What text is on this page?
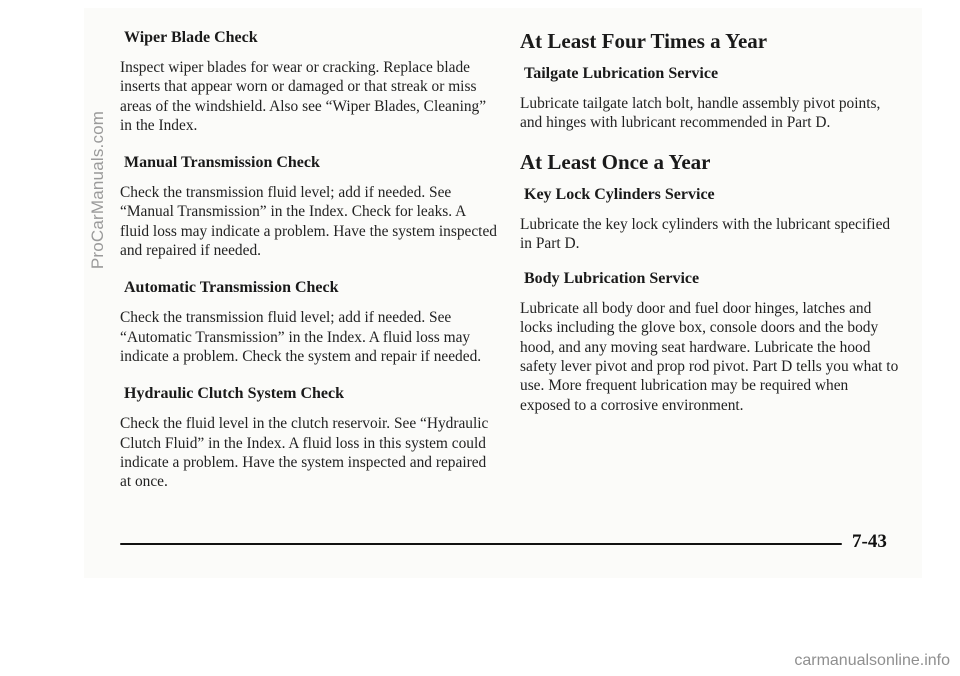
Wiper Blade Check

Inspect wiper blades for wear or cracking. Replace blade inserts that appear worn or damaged or that streak or miss areas of the windshield. Also see “Wiper Blades, Cleaning” in the Index.

Manual Transmission Check

Check the transmission fluid level; add if needed. See “Manual Transmission” in the Index. Check for leaks. A fluid loss may indicate a problem. Have the system inspected and repaired if needed.

Automatic Transmission Check

Check the transmission fluid level; add if needed. See “Automatic Transmission” in the Index. A fluid loss may indicate a problem. Check the system and repair if needed.

Hydraulic Clutch System Check

Check the fluid level in the clutch reservoir. See “Hydraulic Clutch Fluid” in the Index. A fluid loss in this system could indicate a problem. Have the system inspected and repaired at once.

At Least Four Times a Year
Tailgate Lubrication Service

Lubricate tailgate latch bolt, handle assembly pivot points, and hinges with lubricant recommended in Part D.

At Least Once a Year
Key Lock Cylinders Service

Lubricate the key lock cylinders with the lubricant specified in Part D.

Body Lubrication Service

Lubricate all body door and fuel door hinges, latches and locks including the glove box, console doors and the body hood, and any moving seat hardware. Lubricate the hood safety lever pivot and prop rod pivot. Part D tells you what to use. More frequent lubrication may be required when exposed to a corrosive environment.

7-43
ProCarManuals.com
carmanualsonline.info
